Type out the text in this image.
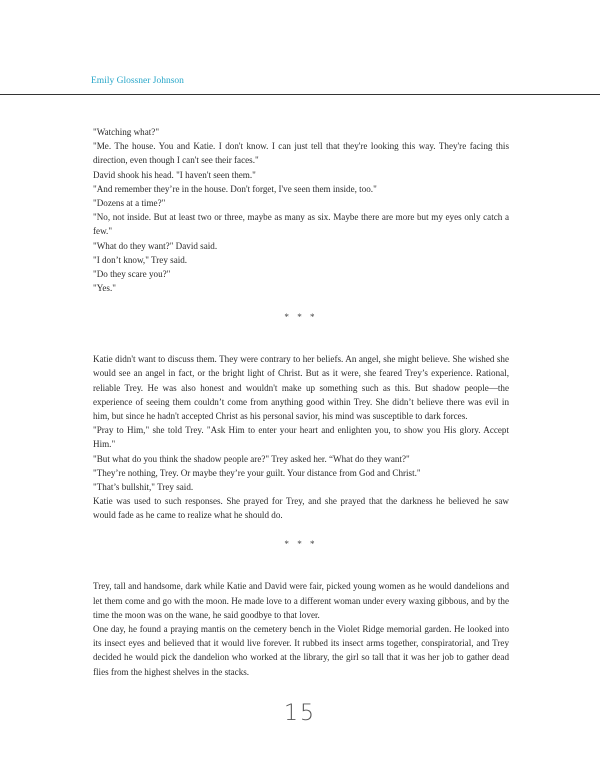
Emily Glossner Johnson

"Watching what?"

"Me. The house. You and Katie. I don't know. I can just tell that they're looking this way. They're facing this direction, even though I can't see their faces."

David shook his head. "I haven't seen them."

"And remember they’re in the house. Don't forget, I've seen them inside, too."

"Dozens at a time?"

"No, not inside. But at least two or three, maybe as many as six. Maybe there are more but my eyes only catch a few."

"What do they want?" David said.

"I don’t know," Trey said.

"Do they scare you?"

"Yes."

* * *

Katie didn't want to discuss them. They were contrary to her beliefs. An angel, she might believe. She wished she would see an angel in fact, or the bright light of Christ. But as it were, she feared Trey’s experience. Rational, reliable Trey. He was also honest and wouldn't make up something such as this. But shadow people—the experience of seeing them couldn’t come from anything good within Trey. She didn’t believe there was evil in him, but since he hadn't accepted Christ as his personal savior, his mind was susceptible to dark forces.

"Pray to Him," she told Trey. "Ask Him to enter your heart and enlighten you, to show you His glory. Accept Him."

"But what do you think the shadow people are?" Trey asked her. “What do they want?"

"They’re nothing, Trey. Or maybe they’re your guilt. Your distance from God and Christ."

"That’s bullshit," Trey said.

Katie was used to such responses. She prayed for Trey, and she prayed that the darkness he believed he saw would fade as he came to realize what he should do.

* * *

Trey, tall and handsome, dark while Katie and David were fair, picked young women as he would dandelions and let them come and go with the moon. He made love to a different woman under every waxing gibbous, and by the time the moon was on the wane, he said goodbye to that lover.

One day, he found a praying mantis on the cemetery bench in the Violet Ridge memorial garden. He looked into its insect eyes and believed that it would live forever. It rubbed its insect arms together, conspiratorial, and Trey decided he would pick the dandelion who worked at the library, the girl so tall that it was her job to gather dead flies from the highest shelves in the stacks.

15
